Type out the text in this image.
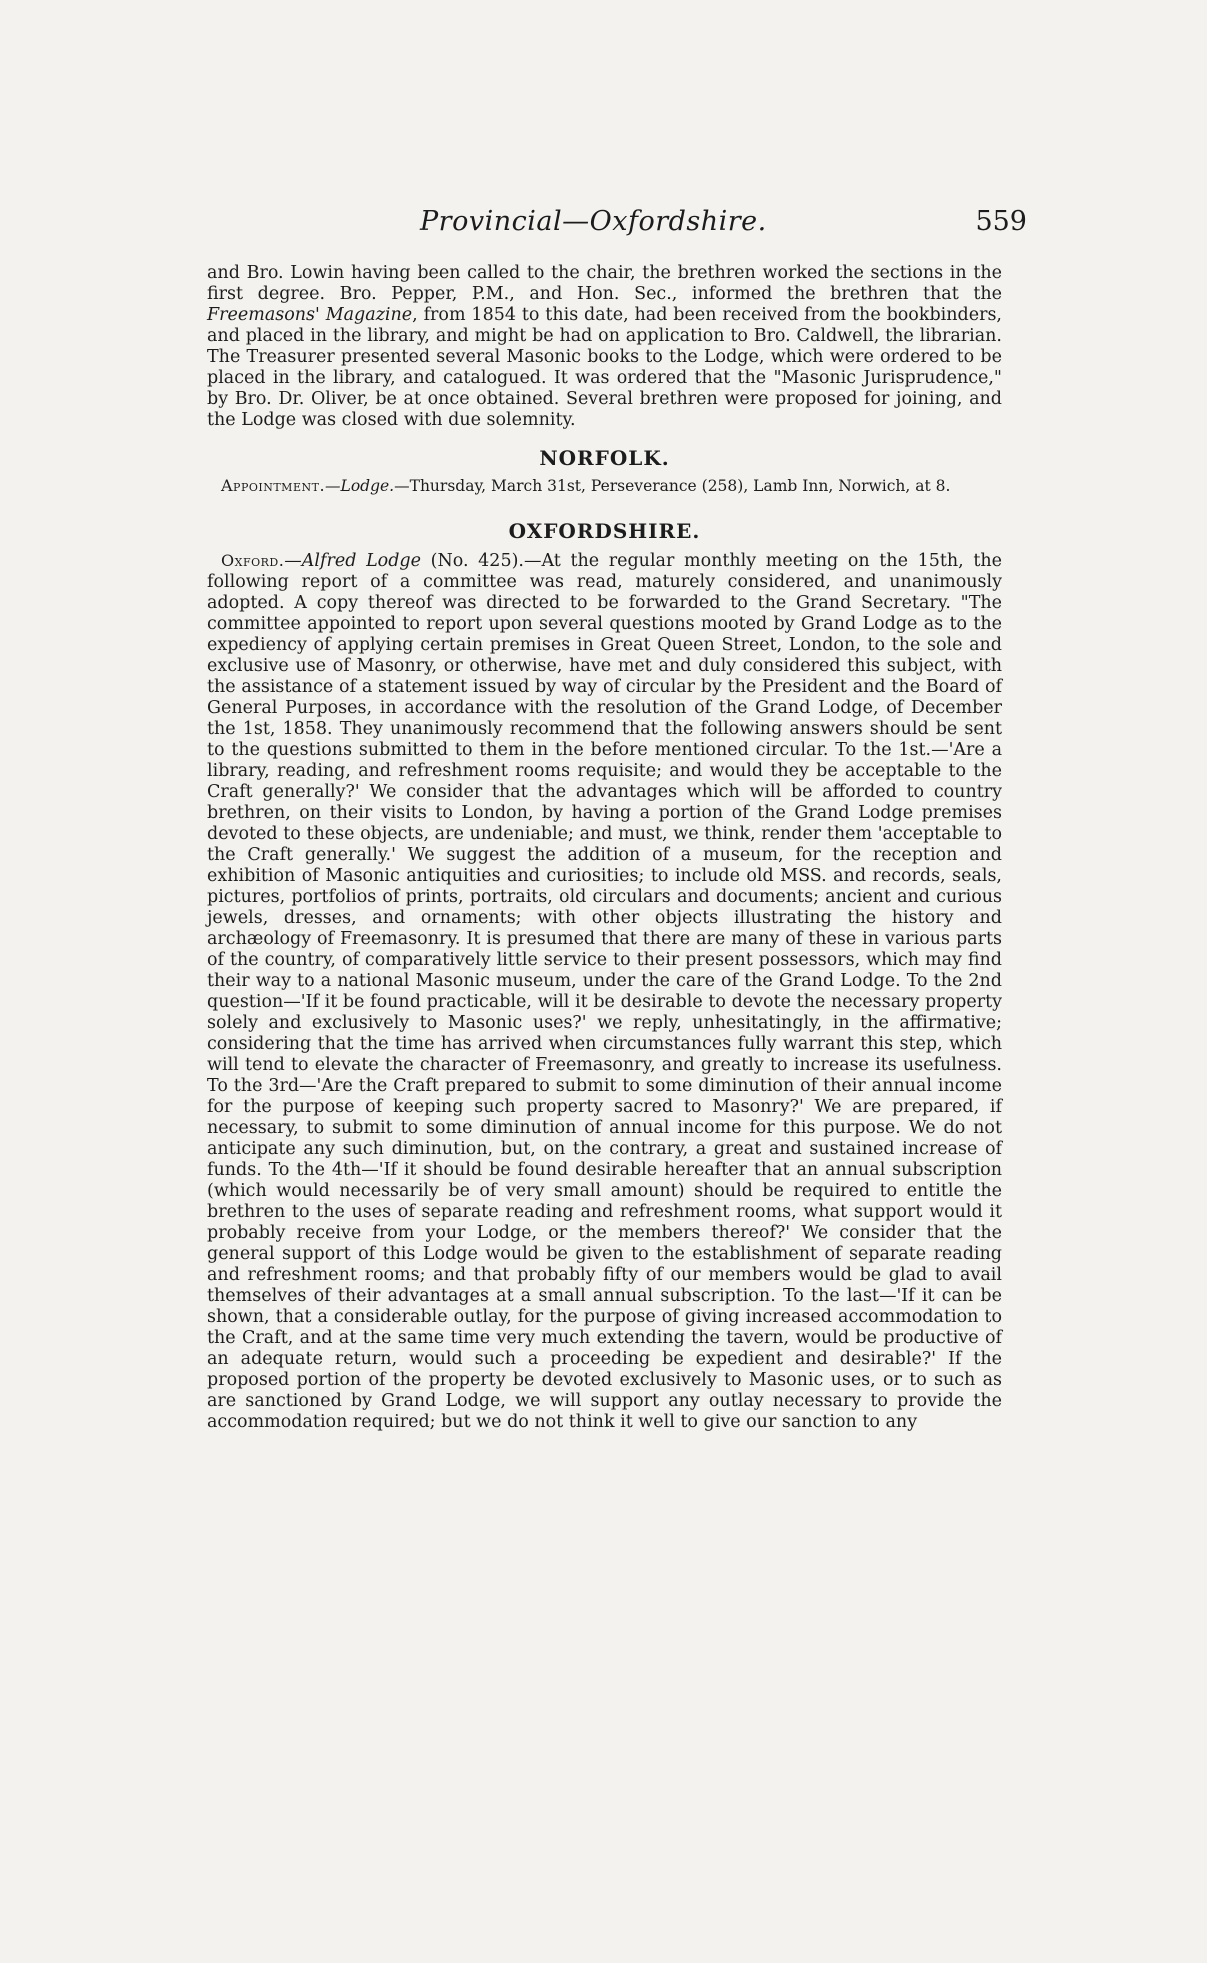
Provincial—Oxfordshire.	559

and Bro. Lowin having been called to the chair, the brethren worked the sections in the first degree. Bro. Pepper, P.M., and Hon. Sec., informed the brethren that the Freemasons' Magazine, from 1854 to this date, had been received from the bookbinders, and placed in the library, and might be had on application to Bro. Caldwell, the librarian. The Treasurer presented several Masonic books to the Lodge, which were ordered to be placed in the library, and catalogued. It was ordered that the "Masonic Jurisprudence," by Bro. Dr. Oliver, be at once obtained. Several brethren were proposed for joining, and the Lodge was closed with due solemnity.

NORFOLK.

Appointment.—Lodge.—Thursday, March 31st, Perseverance (258), Lamb Inn, Norwich, at 8.

OXFORDSHIRE.

Oxford.—Alfred Lodge (No. 425).—At the regular monthly meeting on the 15th, the following report of a committee was read, maturely considered, and unanimously adopted. A copy thereof was directed to be forwarded to the Grand Secretary. "The committee appointed to report upon several questions mooted by Grand Lodge as to the expediency of applying certain premises in Great Queen Street, London, to the sole and exclusive use of Masonry, or otherwise, have met and duly considered this subject, with the assistance of a statement issued by way of circular by the President and the Board of General Purposes, in accordance with the resolution of the Grand Lodge, of December the 1st, 1858. They unanimously recommend that the following answers should be sent to the questions submitted to them in the before mentioned circular. To the 1st.—'Are a library, reading, and refreshment rooms requisite; and would they be acceptable to the Craft generally?' We consider that the advantages which will be afforded to country brethren, on their visits to London, by having a portion of the Grand Lodge premises devoted to these objects, are undeniable; and must, we think, render them 'acceptable to the Craft generally.' We suggest the addition of a museum, for the reception and exhibition of Masonic antiquities and curiosities; to include old MSS. and records, seals, pictures, portfolios of prints, portraits, old circulars and documents; ancient and curious jewels, dresses, and ornaments; with other objects illustrating the history and archæology of Freemasonry. It is presumed that there are many of these in various parts of the country, of comparatively little service to their present possessors, which may find their way to a national Masonic museum, under the care of the Grand Lodge. To the 2nd question—'If it be found practicable, will it be desirable to devote the necessary property solely and exclusively to Masonic uses?' we reply, unhesitatingly, in the affirmative; considering that the time has arrived when circumstances fully warrant this step, which will tend to elevate the character of Freemasonry, and greatly to increase its usefulness. To the 3rd—'Are the Craft prepared to submit to some diminution of their annual income for the purpose of keeping such property sacred to Masonry?' We are prepared, if necessary, to submit to some diminution of annual income for this purpose. We do not anticipate any such diminution, but, on the contrary, a great and sustained increase of funds. To the 4th—'If it should be found desirable hereafter that an annual subscription (which would necessarily be of very small amount) should be required to entitle the brethren to the uses of separate reading and refreshment rooms, what support would it probably receive from your Lodge, or the members thereof?' We consider that the general support of this Lodge would be given to the establishment of separate reading and refreshment rooms; and that probably fifty of our members would be glad to avail themselves of their advantages at a small annual subscription. To the last—'If it can be shown, that a considerable outlay, for the purpose of giving increased accommodation to the Craft, and at the same time very much extending the tavern, would be productive of an adequate return, would such a proceeding be expedient and desirable?' If the proposed portion of the property be devoted exclusively to Masonic uses, or to such as are sanctioned by Grand Lodge, we will support any outlay necessary to provide the accommodation required; but we do not think it well to give our sanction to any
